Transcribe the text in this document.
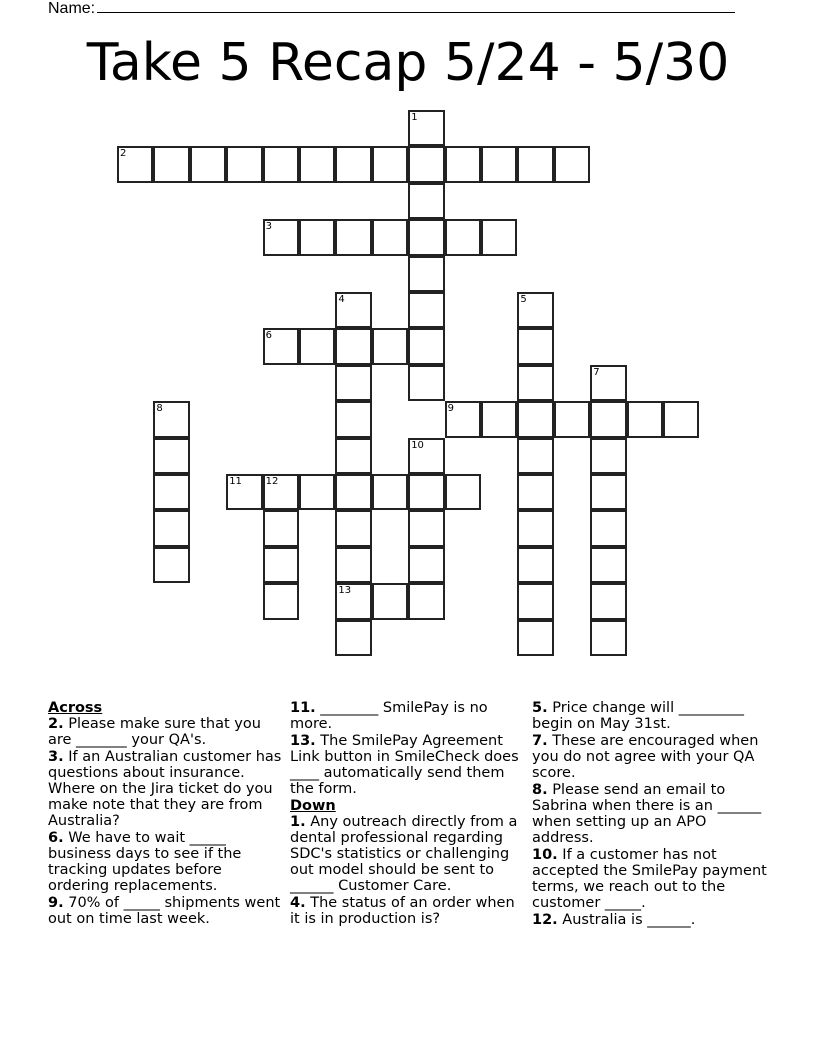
Name:
Take 5 Recap 5/24 - 5/30
1
2
3
4
13
5
6
7
8	9
10
11 12
Across
2. Please make sure that you are _______ your QA's.
3. If an Australian customer has questions about insurance. Where on the Jira ticket do you make note that they are from Australia?
6. We have to wait _____ business days to see if the tracking updates before ordering replacements.
9. 70% of _____ shipments went out on time last week.
11. ________ SmilePay is no more.
13. The SmilePay Agreement Link button in SmileCheck does ____ automatically send them the form.
Down
1. Any outreach directly from a dental professional regarding SDC's statistics or challenging out model should be sent to ______ Customer Care.
4. The status of an order when it is in production is?
5. Price change will _________ begin on May 31st.
7. These are encouraged when you do not agree with your QA score.
8. Please send an email to Sabrina when there is an ______ when setting up an APO address.
10. If a customer has not accepted the SmilePay payment terms, we reach out to the customer _____.
12. Australia is ______.
